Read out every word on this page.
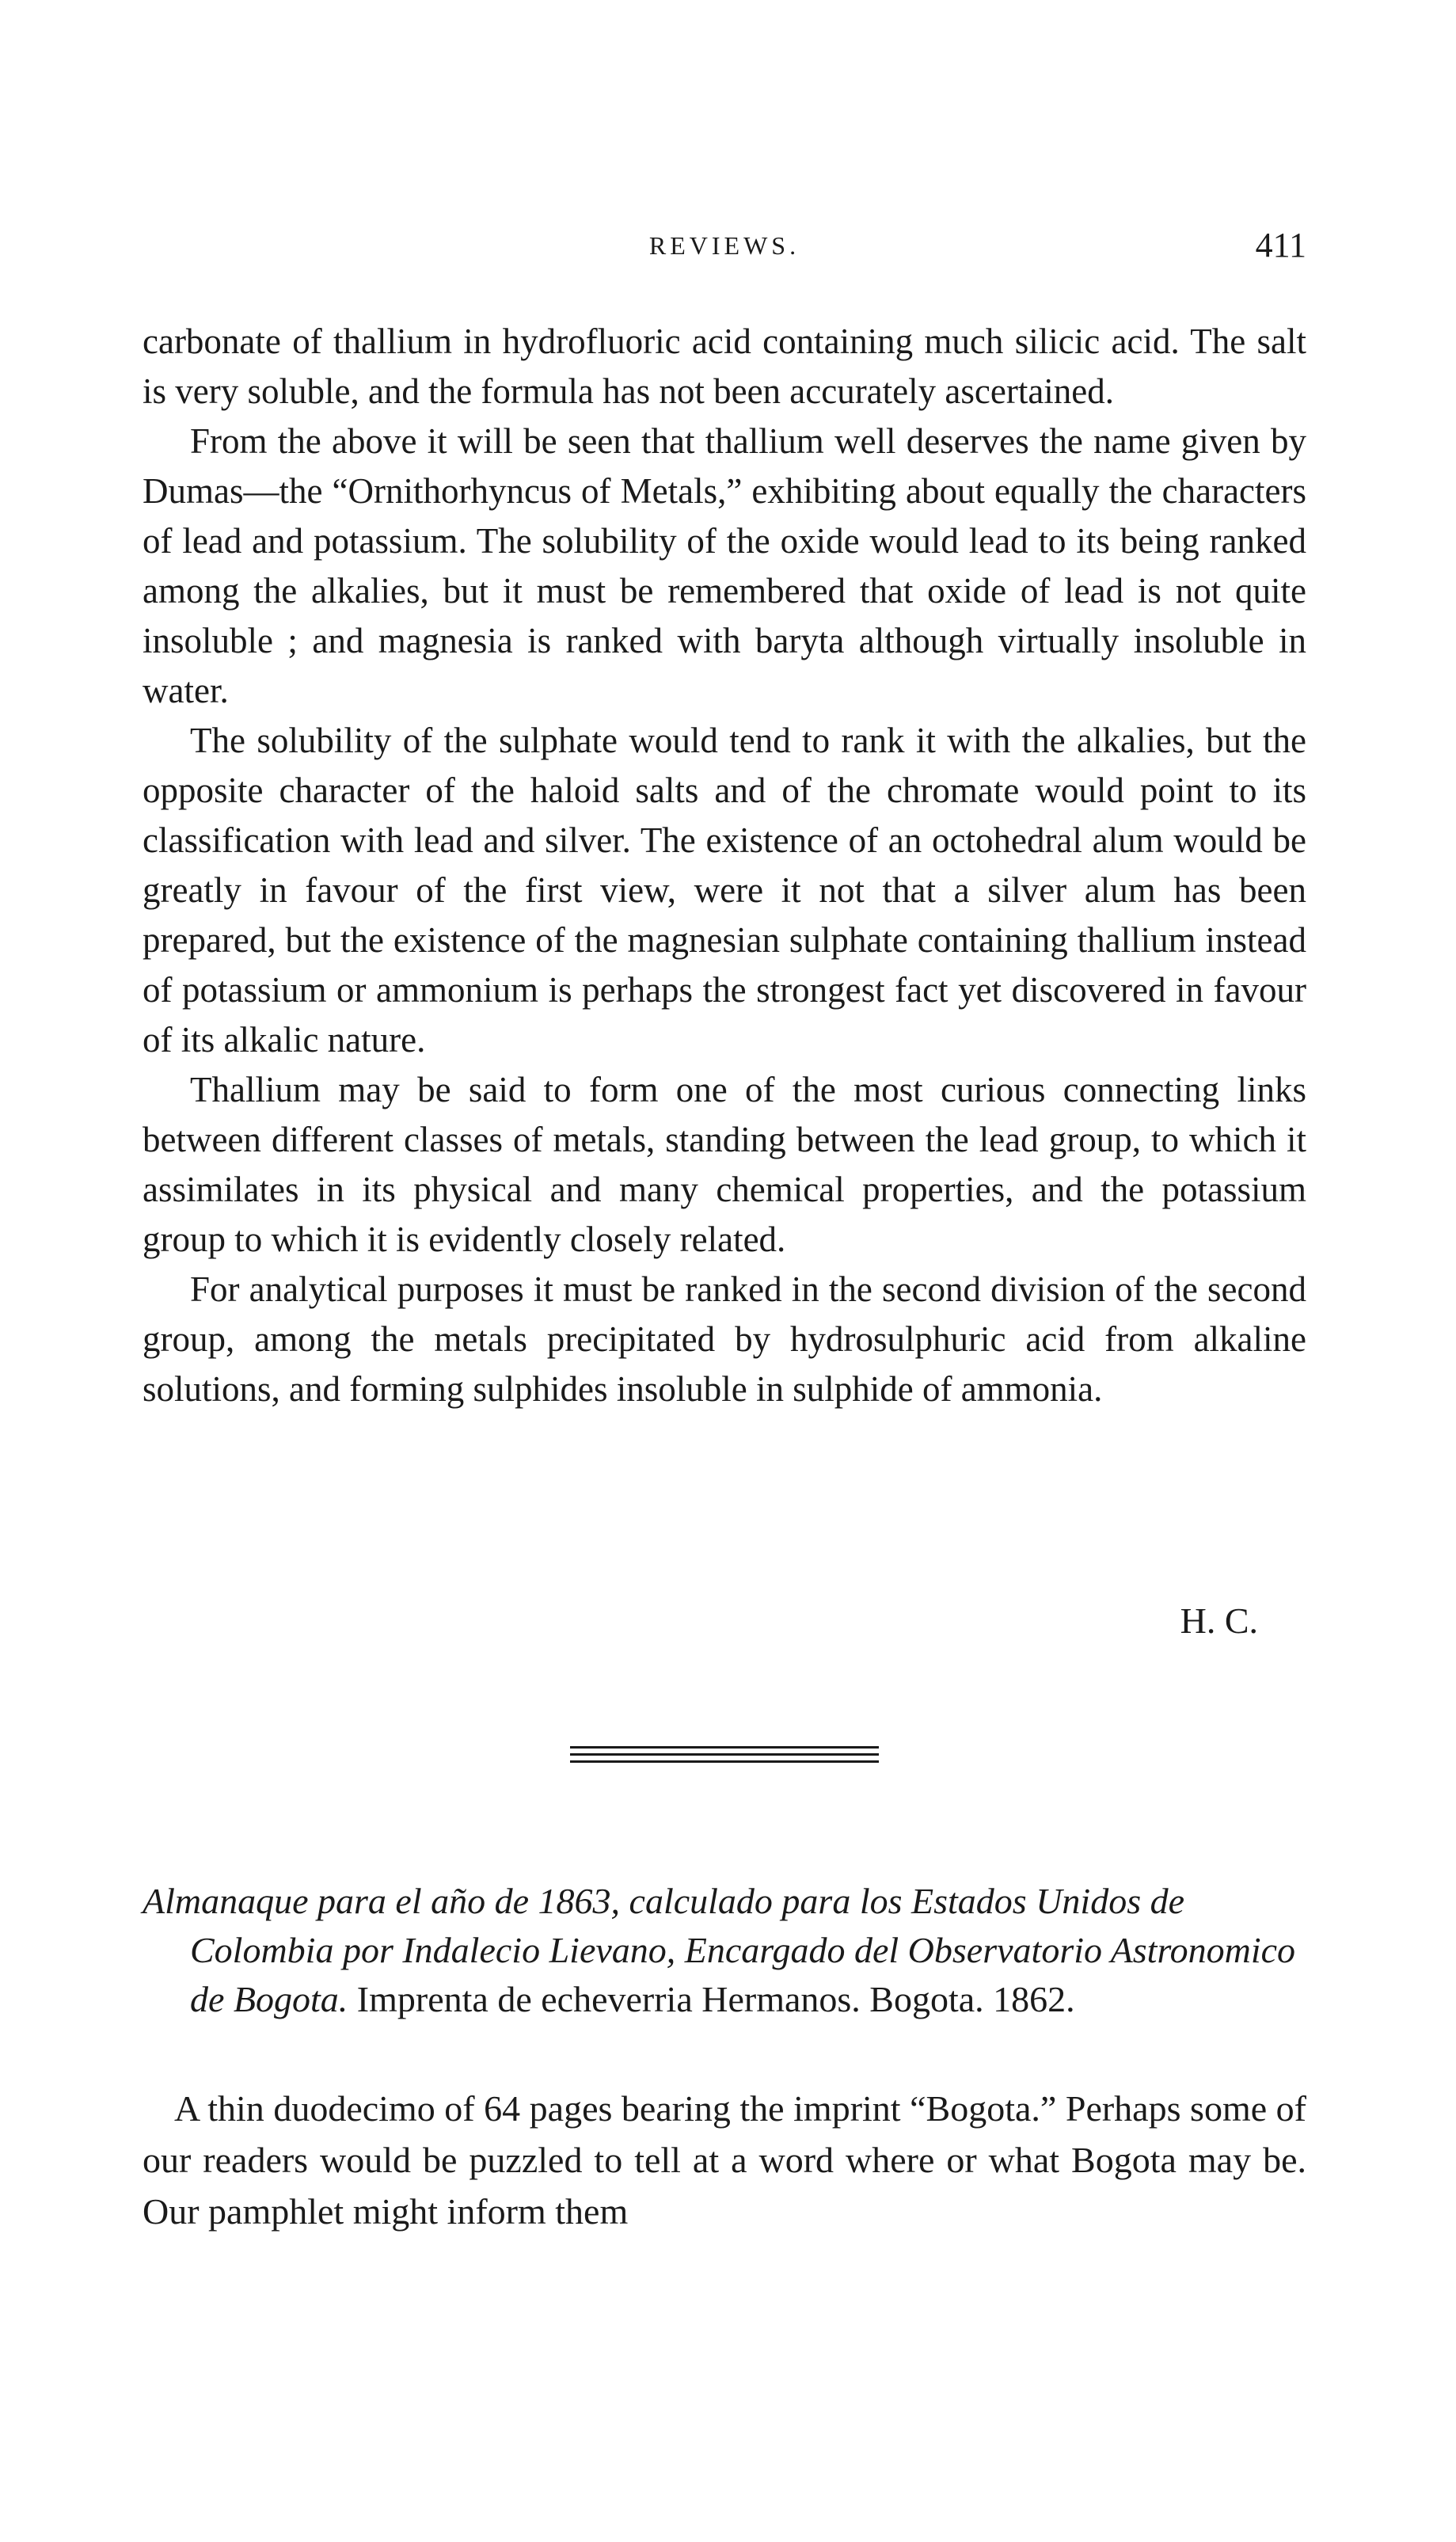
REVIEWS.	411

carbonate of thallium in hydrofluoric acid containing much silicic acid. The salt is very soluble, and the formula has not been accurately ascertained.

From the above it will be seen that thallium well deserves the name given by Dumas—the “Ornithorhyncus of Metals,” exhibiting about equally the characters of lead and potassium. The solubility of the oxide would lead to its being ranked among the alkalies, but it must be remembered that oxide of lead is not quite insoluble ; and magnesia is ranked with baryta although virtually insoluble in water.

The solubility of the sulphate would tend to rank it with the alkalies, but the opposite character of the haloid salts and of the chromate would point to its classification with lead and silver. The existence of an octohedral alum would be greatly in favour of the first view, were it not that a silver alum has been prepared, but the existence of the magnesian sulphate containing thallium instead of potassium or ammonium is perhaps the strongest fact yet discovered in favour of its alkalic nature.

Thallium may be said to form one of the most curious connecting links between different classes of metals, standing between the lead group, to which it assimilates in its physical and many chemical properties, and the potassium group to which it is evidently closely related.

For analytical purposes it must be ranked in the second division of the second group, among the metals precipitated by hydrosulphuric acid from alkaline solutions, and forming sulphides insoluble in sulphide of ammonia.

H. C.
Almanaque para el año de 1863, calculado para los Estados Unidos de Colombia por Indalecio Lievano, Encargado del Observatorio Astronomico de Bogota. Imprenta de echeverria Hermanos. Bogota. 1862.

A thin duodecimo of 64 pages bearing the imprint “Bogota.” Perhaps some of our readers would be puzzled to tell at a word where or what Bogota may be. Our pamphlet might inform them
